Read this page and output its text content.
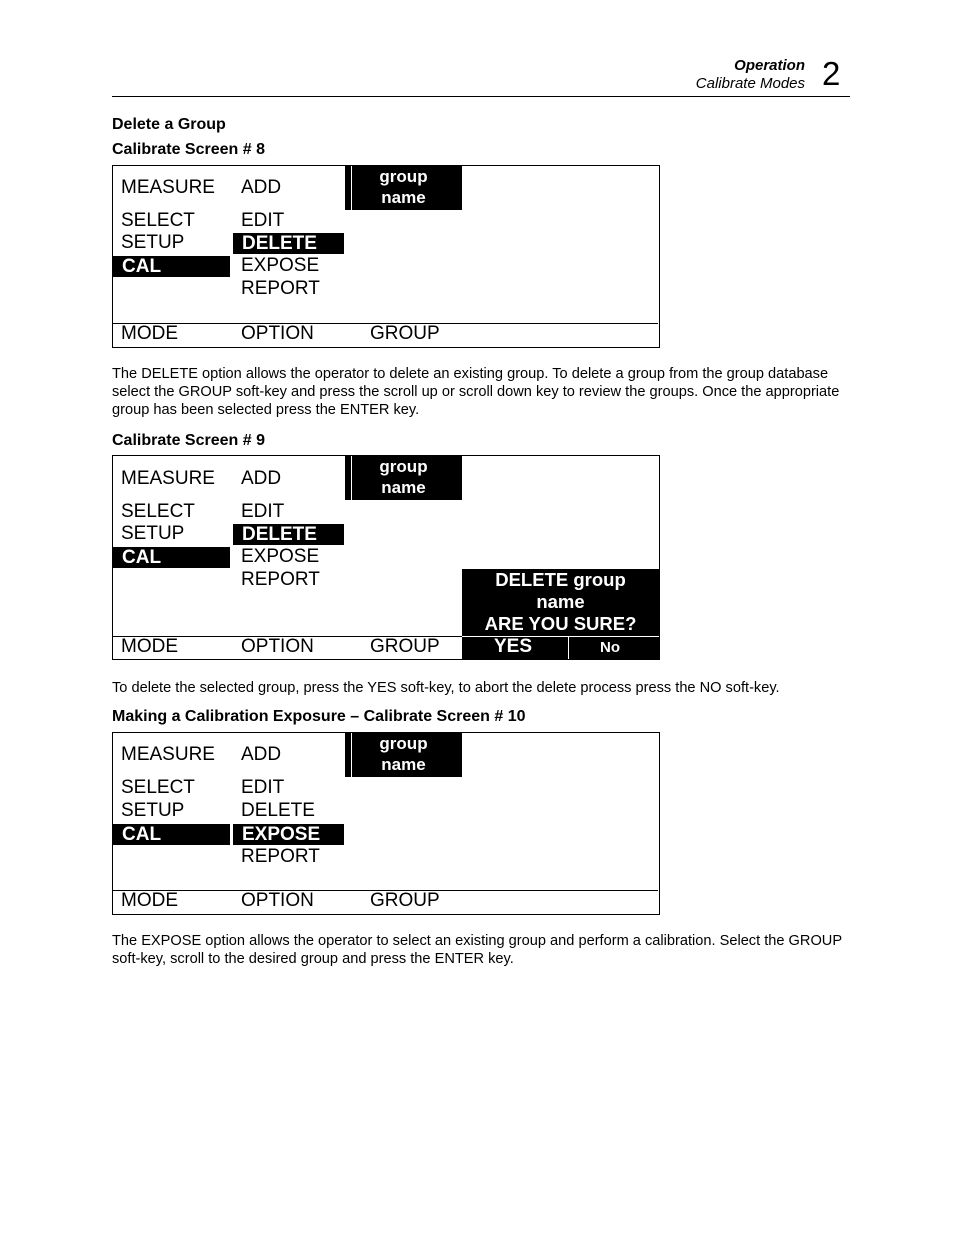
Operation
Calibrate Modes 2
Delete a Group
Calibrate Screen # 8
group
name
MEASURE ADD
SELECT EDIT
SETUP	DELETE
CAL	EXPOSE
REPORT
MODE	OPTION	GROUP
The DELETE option allows the operator to delete an existing group. To delete a group from the group database select the GROUP soft-key and press the scroll up or scroll down key to review the groups. Once the appropriate group has been selected press the ENTER key.
Calibrate Screen # 9
group
name
MEASURE ADD
SELECT EDIT
SETUP	DELETE
CAL	EXPOSE
REPORT	DELETE group
name
ARE YOU SURE?
MODE	OPTION	GROUP	YES	No
To delete the selected group, press the YES soft-key, to abort the delete process press the NO soft-key.
Making a Calibration Exposure – Calibrate Screen # 10
group
name
MEASURE ADD
SELECT EDIT
SETUP	DELETE
CAL	EXPOSE
REPORT
MODE	OPTION	GROUP
The EXPOSE option allows the operator to select an existing group and perform a calibration. Select the GROUP soft-key, scroll to the desired group and press the ENTER key.
